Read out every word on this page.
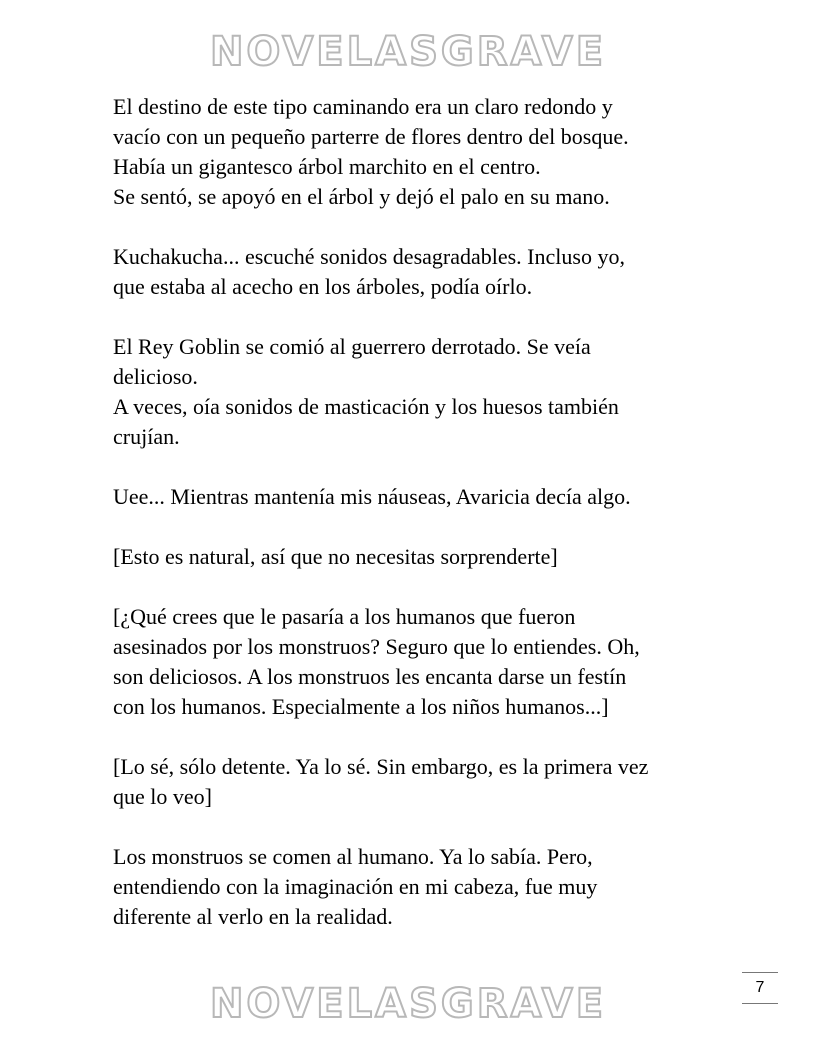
NOVELASGRAVE

El destino de este tipo caminando era un claro redondo y
vacío con un pequeño parterre de flores dentro del bosque.
Había un gigantesco árbol marchito en el centro.
Se sentó, se apoyó en el árbol y dejó el palo en su mano.

Kuchakucha... escuché sonidos desagradables. Incluso yo,
que estaba al acecho en los árboles, podía oírlo.

El Rey Goblin se comió al guerrero derrotado. Se veía
delicioso.
A veces, oía sonidos de masticación y los huesos también
crujían.

Uee... Mientras mantenía mis náuseas, Avaricia decía algo.

[Esto es natural, así que no necesitas sorprenderte]

[¿Qué crees que le pasaría a los humanos que fueron
asesinados por los monstruos? Seguro que lo entiendes. Oh,
son deliciosos. A los monstruos les encanta darse un festín
con los humanos. Especialmente a los niños humanos...]

[Lo sé, sólo detente. Ya lo sé. Sin embargo, es la primera vez
que lo veo]

Los monstruos se comen al humano. Ya lo sabía. Pero,
entendiendo con la imaginación en mi cabeza, fue muy
diferente al verlo en la realidad.

7
NOVELASGRAVE
